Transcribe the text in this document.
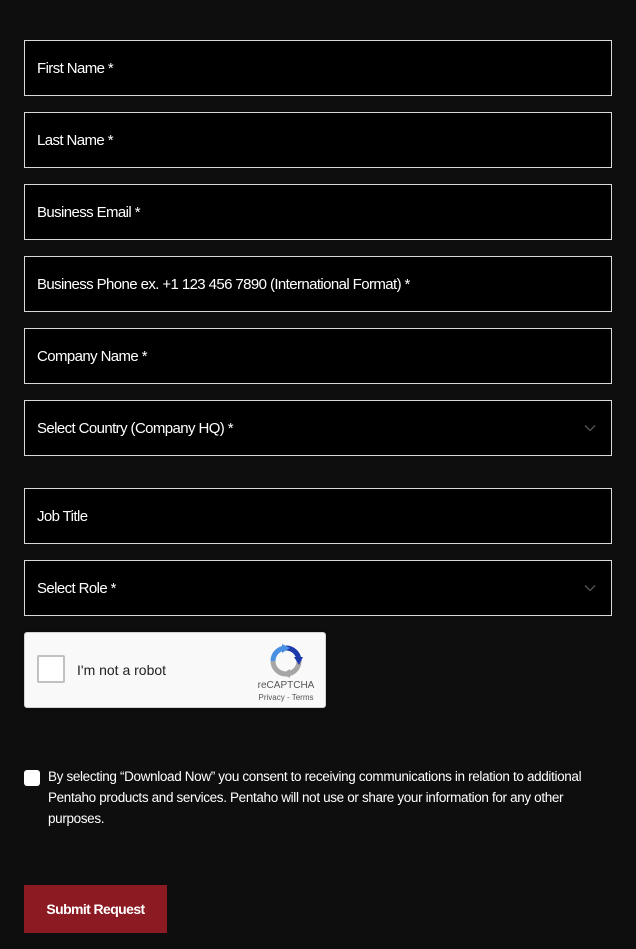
First Name *
Last Name *
Business Email *
Business Phone ex. +1 123 456 7890 (International Format) *
Company Name *
Select Country (Company HQ) *
Job Title
Select Role *
I'm not a robot
reCAPTCHA
Privacy - Terms
By selecting “Download Now” you consent to receiving communications in relation to additional Pentaho products and services. Pentaho will not use or share your information for any other purposes.
Submit Request
